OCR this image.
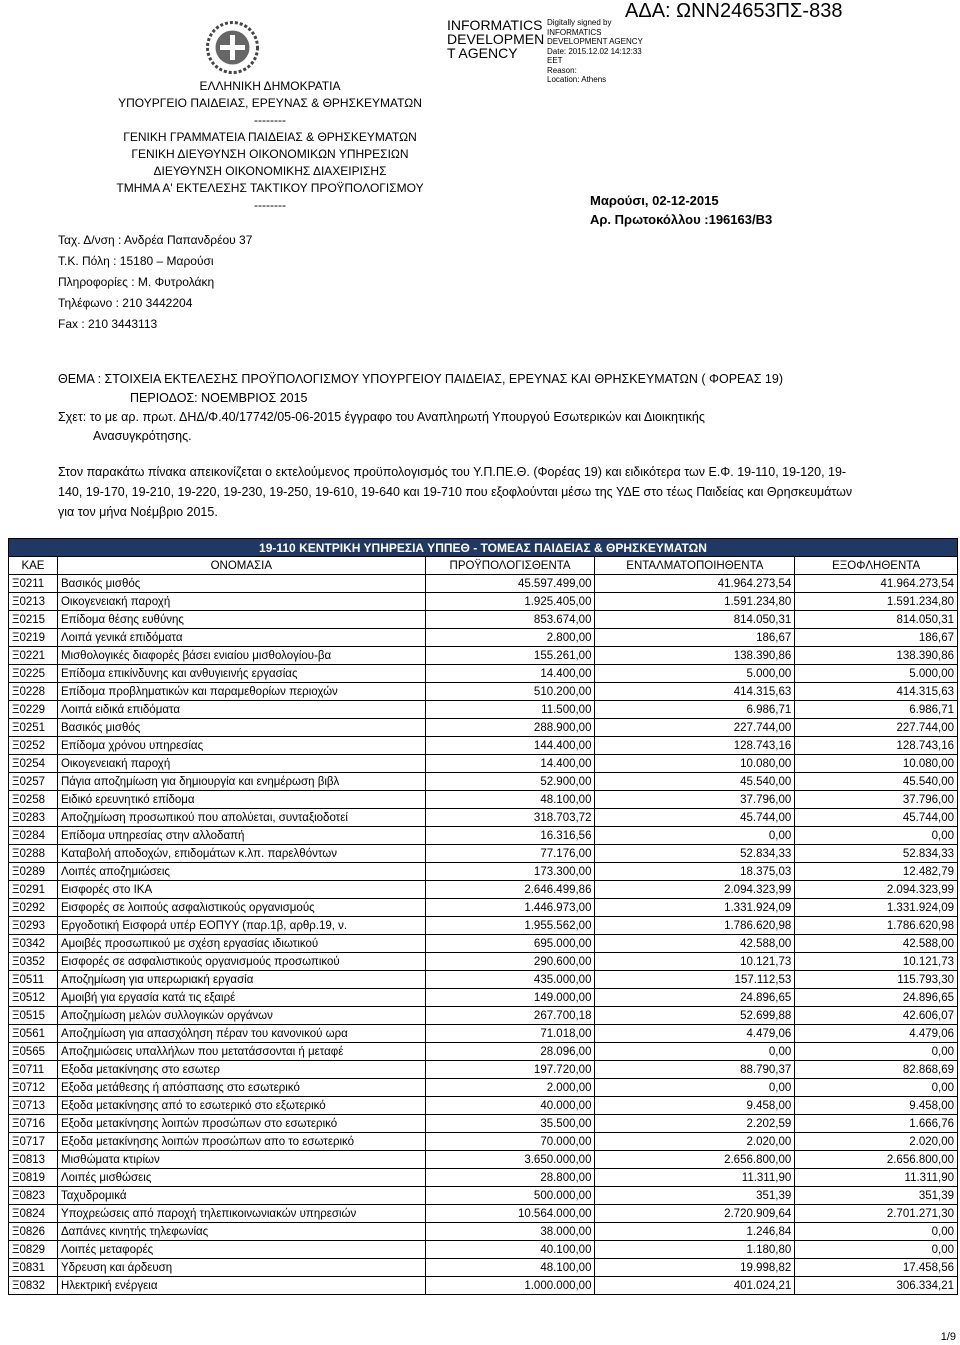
ΕΛΛΗΝΙΚΗ ΔΗΜΟΚΡΑΤΙΑ
ΥΠΟΥΡΓΕΙΟ ΠΑΙΔΕΙΑΣ, ΕΡΕΥΝΑΣ & ΘΡΗΣΚΕΥΜΑΤΩΝ
--------
ΓΕΝΙΚΗ ΓΡΑΜΜΑΤΕΙΑ ΠΑΙΔΕΙΑΣ & ΘΡΗΣΚΕΥΜΑΤΩΝ
ΓΕΝΙΚΗ ΔΙΕΥΘΥΝΣΗ ΟΙΚΟΝΟΜΙΚΩΝ ΥΠΗΡΕΣΙΩΝ
ΔΙΕΥΘΥΝΣΗ ΟΙΚΟΝΟΜΙΚΗΣ ΔΙΑΧΕΙΡΙΣΗΣ
ΤΜΗΜΑ Α' ΕΚΤΕΛΕΣΗΣ ΤΑΚΤΙΚΟΥ ΠΡΟΫΠΟΛΟΓΙΣΜΟΥ
--------
Ταχ. Δ/νση : Ανδρέα Παπανδρέου 37
Τ.Κ. Πόλη : 15180 – Μαρούσι
Πληροφορίες : Μ. Φυτρολάκη
Τηλέφωνο : 210 3442204
Fax : 210 3443113
INFORMATICS
DEVELOPMEN
T AGENCY
Digitally signed by
INFORMATICS
DEVELOPMENT AGENCY
Date: 2015.12.02 14:12:33
EET
Reason:
Location: Athens
ΑΔΑ: ΩΝΝ24653ΠΣ-838
Μαρούσι, 02-12-2015
Αρ. Πρωτοκόλλου :196163/Β3
ΘΕΜΑ : ΣΤΟΙΧΕΙΑ ΕΚΤΕΛΕΣΗΣ ΠΡΟΫΠΟΛΟΓΙΣΜΟΥ ΥΠΟΥΡΓΕΙΟΥ ΠΑΙΔΕΙΑΣ, ΕΡΕΥΝΑΣ ΚΑΙ ΘΡΗΣΚΕΥΜΑΤΩΝ ( ΦΟΡΕΑΣ 19)
ΠΕΡΙΟΔΟΣ: ΝΟΕΜΒΡΙΟΣ 2015
Σχετ: το με αρ. πρωτ. ΔΗΔ/Φ.40/17742/05-06-2015 έγγραφο του Αναπληρωτή Υπουργού Εσωτερικών και Διοικητικής
Ανασυγκρότησης.
Στον παρακάτω πίνακα απεικονίζεται ο εκτελούμενος προϋπολογισμός του Υ.Π.ΠΕ.Θ. (Φορέας 19) και ειδικότερα των Ε.Φ. 19-110, 19-120, 19-
140, 19-170, 19-210, 19-220, 19-230, 19-250, 19-610, 19-640 και 19-710 που εξοφλούνται μέσω της ΥΔΕ στο τέως Παιδείας και Θρησκευμάτων
για τον μήνα Νοέμβριο 2015.
19-110 ΚΕΝΤΡΙΚΗ ΥΠΗΡΕΣΙΑ ΥΠΠΕΘ - ΤΟΜΕΑΣ ΠΑΙΔΕΙΑΣ & ΘΡΗΣΚΕΥΜΑΤΩΝ				
ΚΑΕ	ΟΝΟΜΑΣΙΑ	ΠΡΟΫΠΟΛΟΓΙΣΘΕΝΤΑ	ΕΝΤΑΛΜΑΤΟΠΟΙΗΘΕΝΤΑ	ΕΞΟΦΛΗΘΕΝΤΑ
Ξ0211	Βασικός μισθός	45.597.499,00	41.964.273,54	41.964.273,54
Ξ0213	Οικογενειακή παροχή	1.925.405,00	1.591.234,80	1.591.234,80
Ξ0215	Επίδομα θέσης ευθύνης	853.674,00	814.050,31	814.050,31
Ξ0219	Λοιπά γενικά επιδόματα	2.800,00	186,67	186,67
Ξ0221	Μισθολογικές διαφορές βάσει ενιαίου μισθολογίου-βα	155.261,00	138.390,86	138.390,86
Ξ0225	Επίδομα επικίνδυνης και ανθυγιεινής εργασίας	14.400,00	5.000,00	5.000,00
Ξ0228	Επίδομα προβληματικών και παραμεθορίων περιοχών	510.200,00	414.315,63	414.315,63
Ξ0229	Λοιπά ειδικά επιδόματα	11.500,00	6.986,71	6.986,71
Ξ0251	Βασικός μισθός	288.900,00	227.744,00	227.744,00
Ξ0252	Επίδομα χρόνου υπηρεσίας	144.400,00	128.743,16	128.743,16
Ξ0254	Οικογενειακή παροχή	14.400,00	10.080,00	10.080,00
Ξ0257	Πάγια αποζημίωση για δημιουργία και ενημέρωση βιβλ	52.900,00	45.540,00	45.540,00
Ξ0258	Ειδικό ερευνητικό επίδομα	48.100,00	37.796,00	37.796,00
Ξ0283	Αποζημίωση προσωπικού που απολύεται, συνταξιοδοτεί	318.703,72	45.744,00	45.744,00
Ξ0284	Επίδομα υπηρεσίας στην αλλοδαπή	16.316,56	0,00	0,00
Ξ0288	Καταβολή αποδοχών, επιδομάτων κ.λπ. παρελθόντων	77.176,00	52.834,33	52.834,33
Ξ0289	Λοιπές αποζημιώσεις	173.300,00	18.375,03	12.482,79
Ξ0291	Εισφορές στο ΙΚΑ	2.646.499,86	2.094.323,99	2.094.323,99
Ξ0292	Εισφορές σε λοιπούς ασφαλιστικούς οργανισμούς	1.446.973,00	1.331.924,09	1.331.924,09
Ξ0293	Εργοδοτική Εισφορά υπέρ ΕΟΠΥΥ (παρ.1β, αρθρ.19, ν.	1.955.562,00	1.786.620,98	1.786.620,98
Ξ0342	Αμοιβές προσωπικού με σχέση εργασίας ιδιωτικού	695.000,00	42.588,00	42.588,00
Ξ0352	Εισφορές σε ασφαλιστικούς οργανισμούς προσωπικού	290.600,00	10.121,73	10.121,73
Ξ0511	Αποζημίωση για υπερωριακή εργασία	435.000,00	157.112,53	115.793,30
Ξ0512	Αμοιβή για εργασία κατά τις εξαιρέ	149.000,00	24.896,65	24.896,65
Ξ0515	Αποζημίωση μελών συλλογικών οργάνων	267.700,18	52.699,88	42.606,07
Ξ0561	Αποζημίωση για απασχόληση πέραν του κανονικού ωρα	71.018,00	4.479,06	4.479,06
Ξ0565	Αποζημιώσεις υπαλλήλων που μετατάσσονται ή μεταφέ	28.096,00	0,00	0,00
Ξ0711	Εξοδα μετακίνησης στο εσωτερ	197.720,00	88.790,37	82.868,69
Ξ0712	Εξοδα μετάθεσης ή απόσπασης στο εσωτερικό	2.000,00	0,00	0,00
Ξ0713	Εξοδα μετακίνησης από το εσωτερικό στο εξωτερικό	40.000,00	9.458,00	9.458,00
Ξ0716	Εξοδα μετακίνησης λοιπών προσώπων στο εσωτερικό	35.500,00	2.202,59	1.666,76
Ξ0717	Εξοδα μετακίνησης λοιπών προσώπων απο το εσωτερικό	70.000,00	2.020,00	2.020,00
Ξ0813	Μισθώματα κτιρίων	3.650.000,00	2.656.800,00	2.656.800,00
Ξ0819	Λοιπές μισθώσεις	28.800,00	11.311,90	11.311,90
Ξ0823	Ταχυδρομικά	500.000,00	351,39	351,39
Ξ0824	Υποχρεώσεις από παροχή τηλεπικοινωνιακών υπηρεσιών	10.564.000,00	2.720.909,64	2.701.271,30
Ξ0826	Δαπάνες κινητής τηλεφωνίας	38.000,00	1.246,84	0,00
Ξ0829	Λοιπές μεταφορές	40.100,00	1.180,80	0,00
Ξ0831	Υδρευση και άρδευση	48.100,00	19.998,82	17.458,56
Ξ0832	Ηλεκτρική ενέργεια	1.000.000,00	401.024,21	306.334,21
1/9
